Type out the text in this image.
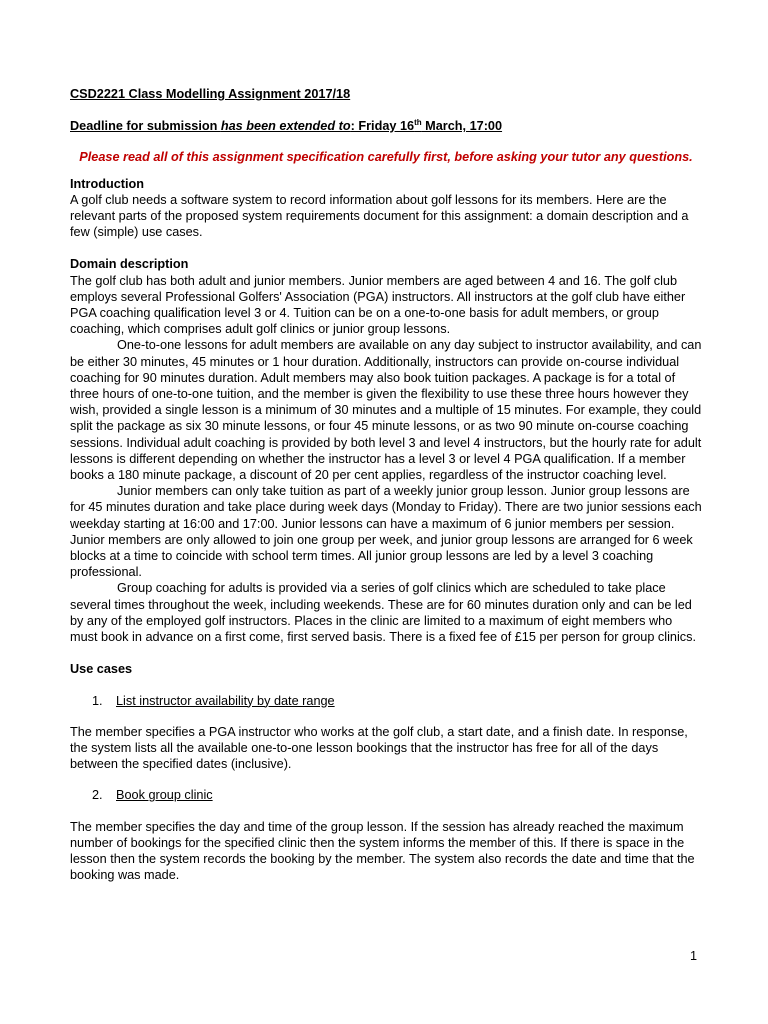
CSD2221 Class Modelling Assignment 2017/18

Deadline for submission has been extended to: Friday 16th March, 17:00

Please read all of this assignment specification carefully first, before asking your tutor any questions.

Introduction

A golf club needs a software system to record information about golf lessons for its members. Here are the relevant parts of the proposed system requirements document for this assignment: a domain description and a few (simple) use cases.

Domain description

The golf club has both adult and junior members. Junior members are aged between 4 and 16. The golf club employs several Professional Golfers' Association (PGA) instructors. All instructors at the golf club have either PGA coaching qualification level 3 or 4. Tuition can be on a one-to-one basis for adult members, or group coaching, which comprises adult golf clinics or junior group lessons.

One-to-one lessons for adult members are available on any day subject to instructor availability, and can be either 30 minutes, 45 minutes or 1 hour duration. Additionally, instructors can provide on-course individual coaching for 90 minutes duration. Adult members may also book tuition packages. A package is for a total of three hours of one-to-one tuition, and the member is given the flexibility to use these three hours however they wish, provided a single lesson is a minimum of 30 minutes and a multiple of 15 minutes. For example, they could split the package as six 30 minute lessons, or four 45 minute lessons, or as two 90 minute on-course coaching sessions. Individual adult coaching is provided by both level 3 and level 4 instructors, but the hourly rate for adult lessons is different depending on whether the instructor has a level 3 or level 4 PGA qualification. If a member books a 180 minute package, a discount of 20 per cent applies, regardless of the instructor coaching level.

Junior members can only take tuition as part of a weekly junior group lesson. Junior group lessons are for 45 minutes duration and take place during week days (Monday to Friday). There are two junior sessions each weekday starting at 16:00 and 17:00. Junior lessons can have a maximum of 6 junior members per session. Junior members are only allowed to join one group per week, and junior group lessons are arranged for 6 week blocks at a time to coincide with school term times. All junior group lessons are led by a level 3 coaching professional.

Group coaching for adults is provided via a series of golf clinics which are scheduled to take place several times throughout the week, including weekends. These are for 60 minutes duration only and can be led by any of the employed golf instructors. Places in the clinic are limited to a maximum of eight members who must book in advance on a first come, first served basis. There is a fixed fee of £15 per person for group clinics.

Use cases

1.	List instructor availability by date range

The member specifies a PGA instructor who works at the golf club, a start date, and a finish date. In response, the system lists all the available one-to-one lesson bookings that the instructor has free for all of the days between the specified dates (inclusive).

2.	Book group clinic

The member specifies the day and time of the group lesson. If the session has already reached the maximum number of bookings for the specified clinic then the system informs the member of this. If there is space in the lesson then the system records the booking by the member. The system also records the date and time that the booking was made.

1
